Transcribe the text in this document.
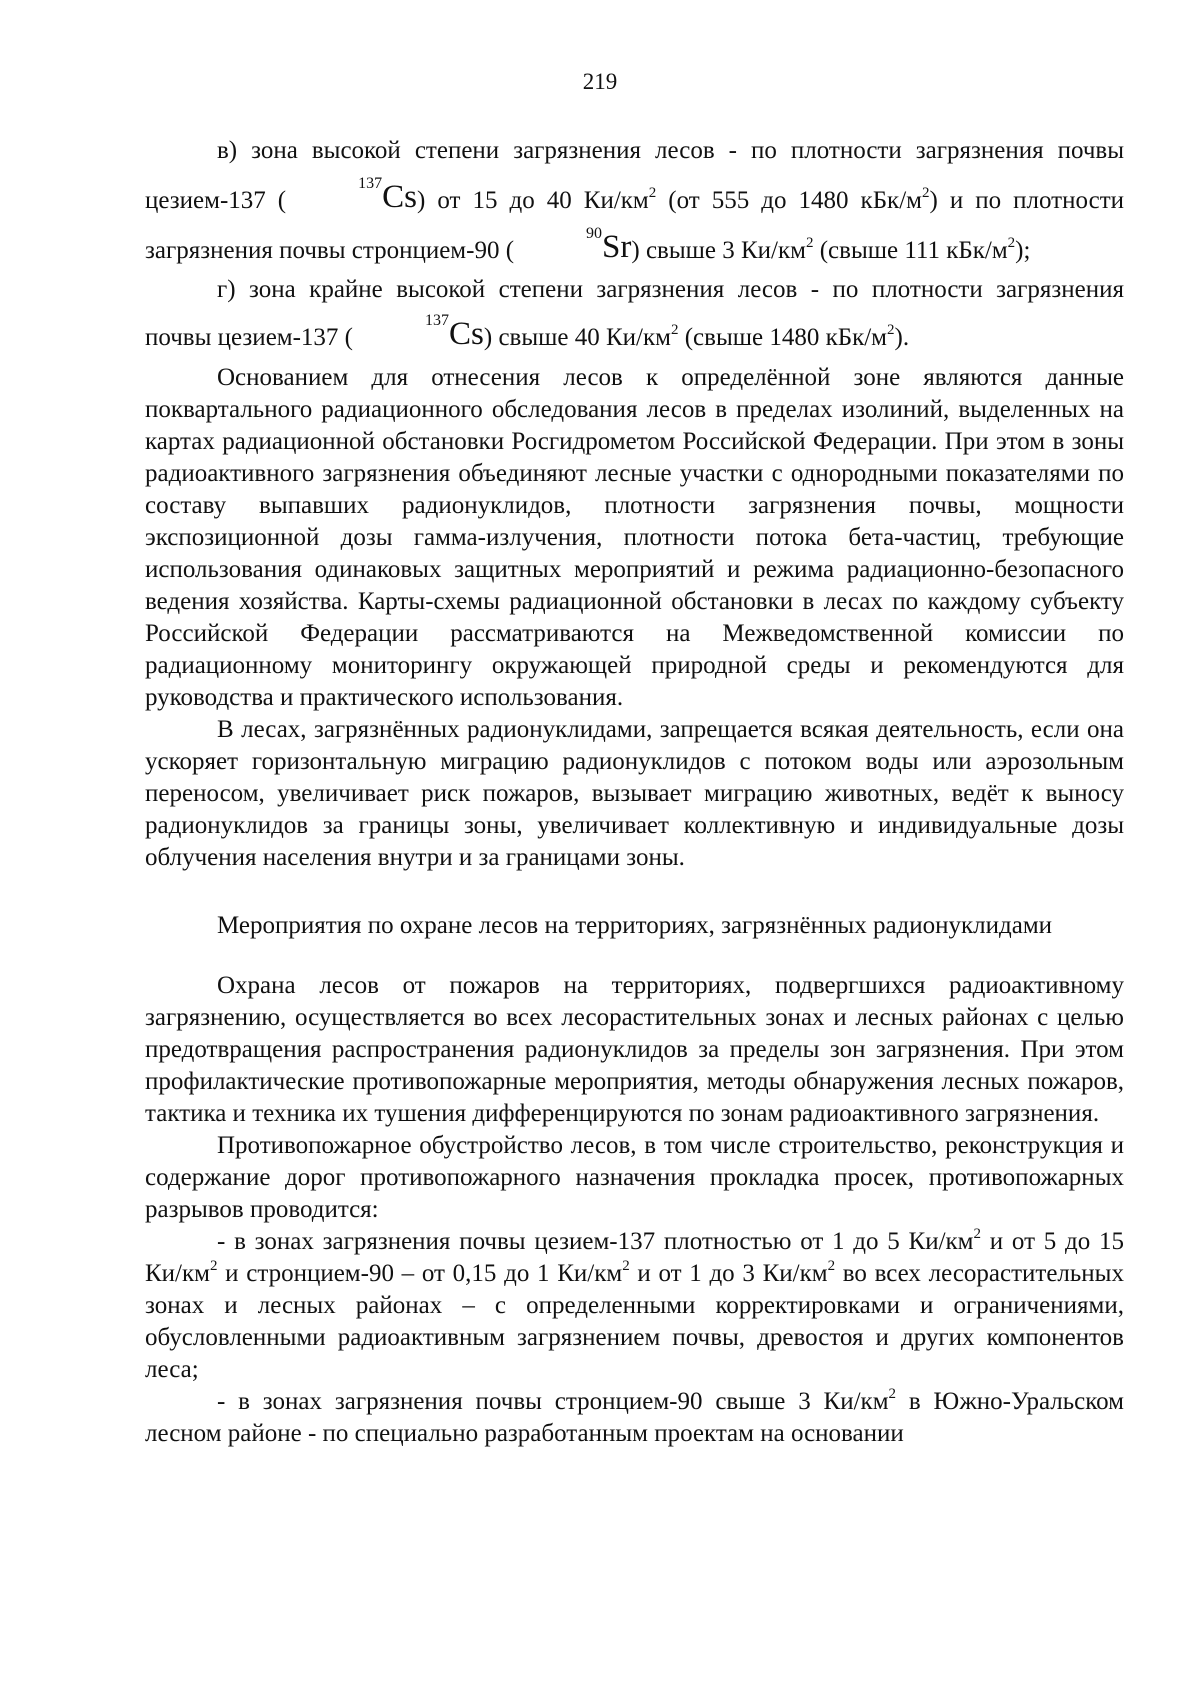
219

в) зона высокой степени загрязнения лесов - по плотности загрязнения почвы цезием-137 ($^{137}$Cs) от 15 до 40 $Ки/км^2$ (от 555 до 1480 кБк/$м^2$) и по плотности загрязнения почвы стронцием-90 ($^{90}$Sr) свыше 3 $Ки/км^2$ (свыше 111 кБк/$м^2$);

г) зона крайне высокой степени загрязнения лесов - по плотности загрязнения почвы цезием-137 ($^{137}$Cs) свыше 40 $Ки/км^2$ (свыше 1480 кБк/$м^2$).

Основанием для отнесения лесов к определённой зоне являются данные поквартального радиационного обследования лесов в пределах изолиний, выделенных на картах радиационной обстановки Росгидрометом Российской Федерации. При этом в зоны радиоактивного загрязнения объединяют лесные участки с однородными показателями по составу выпавших радионуклидов, плотности загрязнения почвы, мощности экспозиционной дозы гамма-излучения, плотности потока бета-частиц, требующие использования одинаковых защитных мероприятий и режима радиационно-безопасного ведения хозяйства. Карты-схемы радиационной обстановки в лесах по каждому субъекту Российской Федерации рассматриваются на Межведомственной комиссии по радиационному мониторингу окружающей природной среды и рекомендуются для руководства и практического использования.

В лесах, загрязнённых радионуклидами, запрещается всякая деятельность, если она ускоряет горизонтальную миграцию радионуклидов с потоком воды или аэрозольным переносом, увеличивает риск пожаров, вызывает миграцию животных, ведёт к выносу радионуклидов за границы зоны, увеличивает коллективную и индивидуальные дозы облучения населения внутри и за границами зоны.

Мероприятия по охране лесов на территориях, загрязнённых радионуклидами

Охрана лесов от пожаров на территориях, подвергшихся радиоактивному загрязнению, осуществляется во всех лесорастительных зонах и лесных районах с целью предотвращения распространения радионуклидов за пределы зон загрязнения. При этом профилактические противопожарные мероприятия, методы обнаружения лесных пожаров, тактика и техника их тушения дифференцируются по зонам радиоактивного загрязнения.

Противопожарное обустройство лесов, в том числе строительство, реконструкция и содержание дорог противопожарного назначения прокладка просек, противопожарных разрывов проводится:

- в зонах загрязнения почвы цезием-137 плотностью от 1 до 5 $Ки/км^2$ и от 5 до 15 $Ки/км^2$ и стронцием-90 – от 0,15 до 1 $Ки/км^2$ и от 1 до 3 $Ки/км^2$ во всех лесорастительных зонах и лесных районах – с определенными корректировками и ограничениями, обусловленными радиоактивным загрязнением почвы, древостоя и других компонентов леса;

- в зонах загрязнения почвы стронцием-90 свыше 3 $Ки/км^2$ в Южно-Уральском лесном районе - по специально разработанным проектам на основании
